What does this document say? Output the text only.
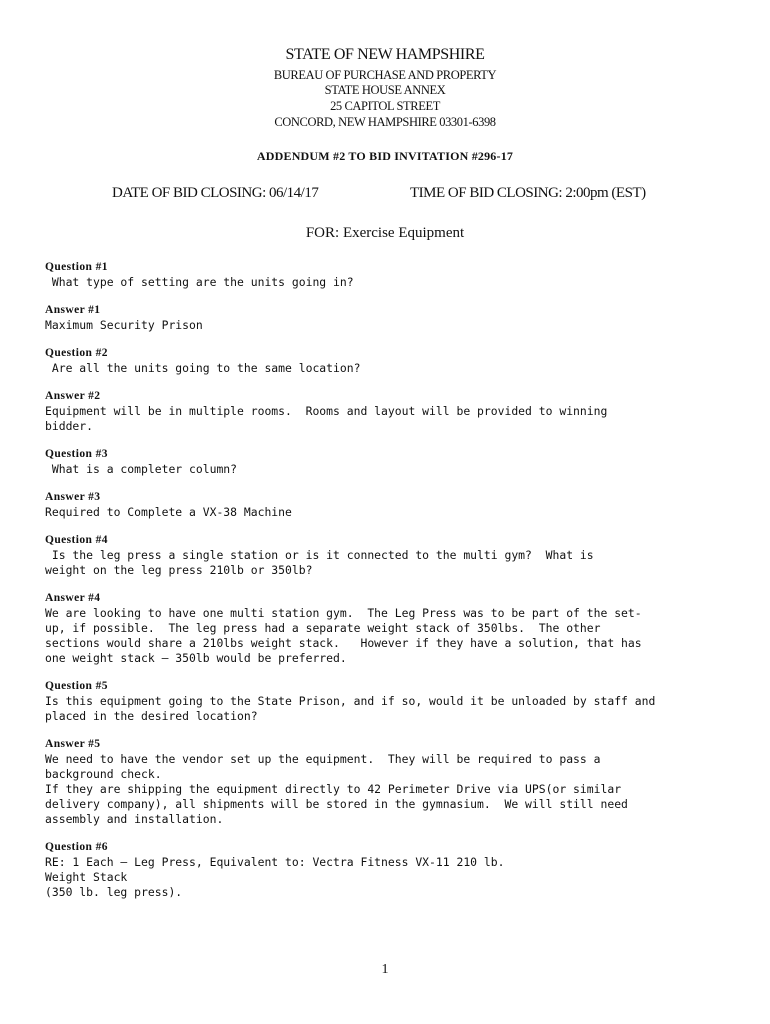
STATE OF NEW HAMPSHIRE
BUREAU OF PURCHASE AND PROPERTY
STATE HOUSE ANNEX
25 CAPITOL STREET
CONCORD, NEW HAMPSHIRE 03301-6398
ADDENDUM #2 TO BID INVITATION #296-17
DATE OF BID CLOSING: 06/14/17	TIME OF BID CLOSING: 2:00pm (EST)
FOR: Exercise Equipment
Question #1
What type of setting are the units going in?
Answer #1
Maximum Security Prison
Question #2
Are all the units going to the same location?
Answer #2
Equipment will be in multiple rooms.  Rooms and layout will be provided to winning
bidder.
Question #3
What is a completer column?
Answer #3
Required to Complete a VX-38 Machine
Question #4
Is the leg press a single station or is it connected to the multi gym?  What is
weight on the leg press 210lb or 350lb?
Answer #4
We are looking to have one multi station gym.  The Leg Press was to be part of the set-
up, if possible.  The leg press had a separate weight stack of 350lbs.  The other
sections would share a 210lbs weight stack.   However if they have a solution, that has
one weight stack – 350lb would be preferred.
Question #5
Is this equipment going to the State Prison, and if so, would it be unloaded by staff and
placed in the desired location?
Answer #5
We need to have the vendor set up the equipment.  They will be required to pass a
background check.
If they are shipping the equipment directly to 42 Perimeter Drive via UPS(or similar
delivery company), all shipments will be stored in the gymnasium.  We will still need
assembly and installation.
Question #6
RE: 1 Each – Leg Press, Equivalent to: Vectra Fitness VX-11 210 lb.
Weight Stack
(350 lb. leg press).
1
